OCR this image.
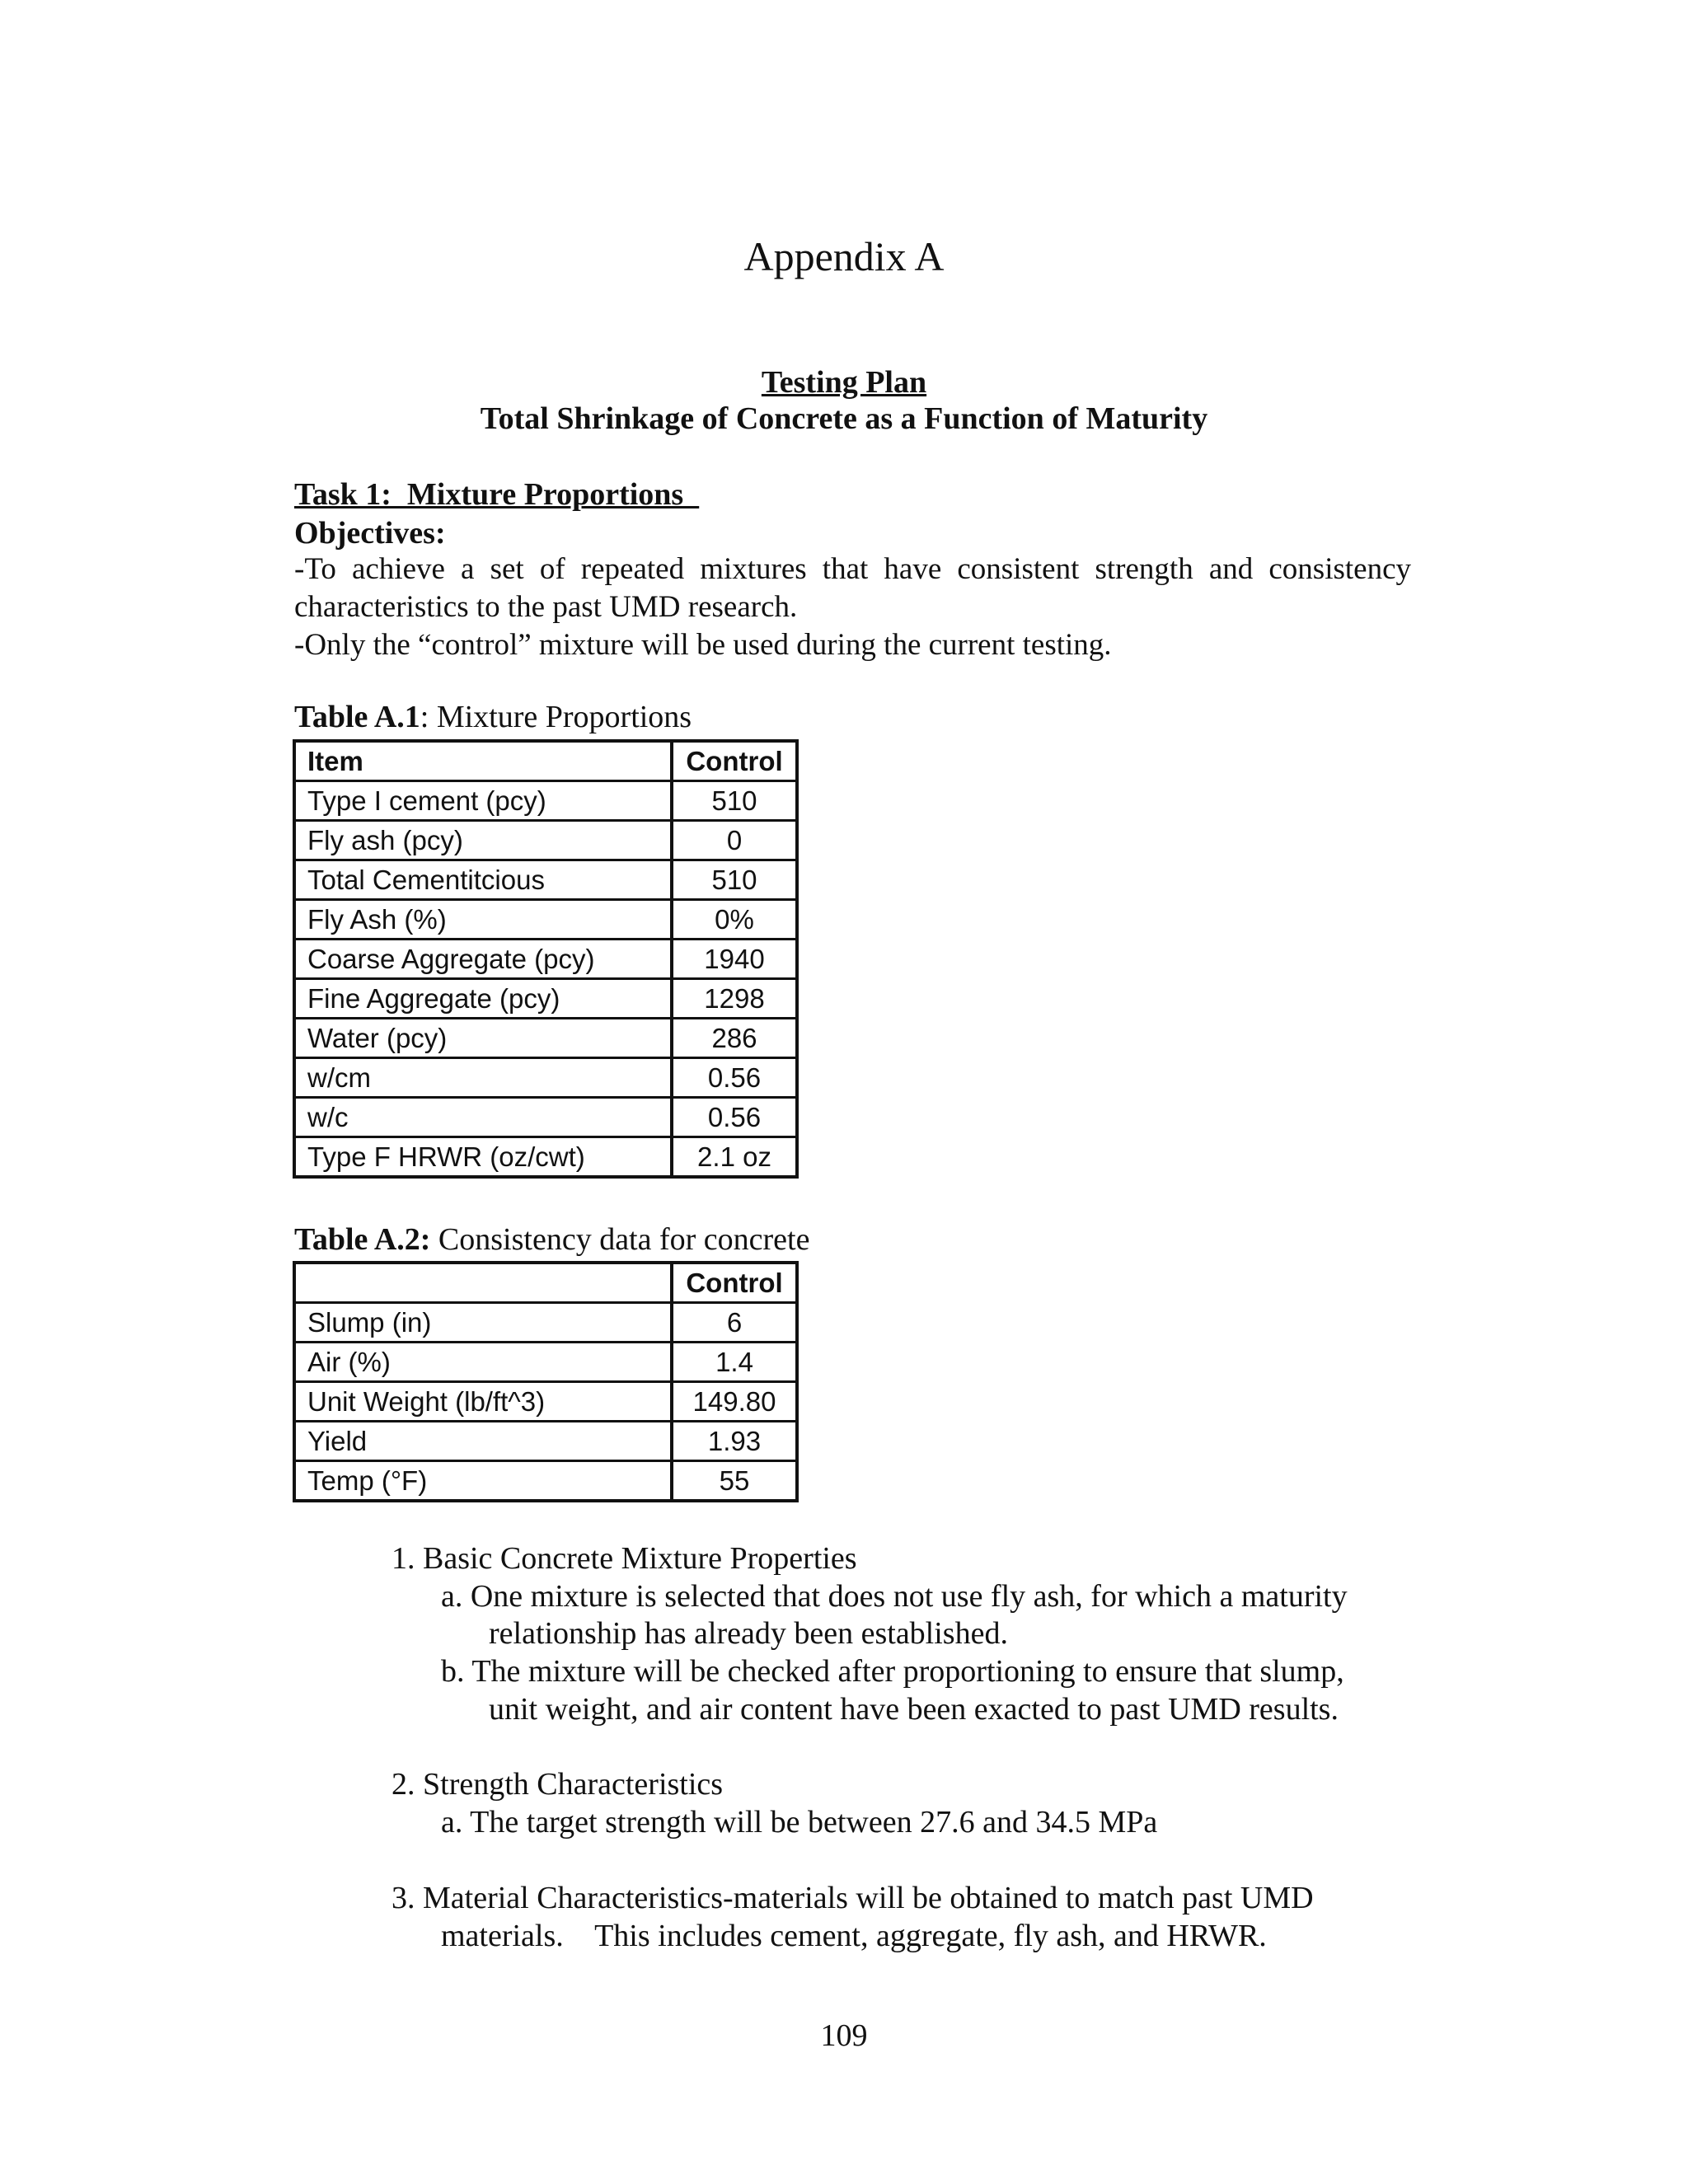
Appendix A
Testing Plan
Total Shrinkage of Concrete as a Function of Maturity
Task 1:  Mixture Proportions
Objectives:
-To achieve a set of repeated mixtures that have consistent strength and consistency
characteristics to the past UMD research.
-Only the “control” mixture will be used during the current testing.
Table A.1: Mixture Proportions
Item	Control
Type I cement (pcy)	510
Fly ash (pcy)	0
Total Cementitcious	510
Fly Ash (%)	0%
Coarse Aggregate (pcy)	1940
Fine Aggregate (pcy)	1298
Water (pcy)	286
w/cm	0.56
w/c	0.56
Type F HRWR (oz/cwt)	2.1 oz
Table A.2: Consistency data for concrete
	Control
Slump (in)	6
Air (%)	1.4
Unit Weight (lb/ft^3)	149.80
Yield	1.93
Temp (°F)	55
1. Basic Concrete Mixture Properties
a. One mixture is selected that does not use fly ash, for which a maturity
relationship has already been established.
b. The mixture will be checked after proportioning to ensure that slump,
unit weight, and air content have been exacted to past UMD results.
2. Strength Characteristics
a. The target strength will be between 27.6 and 34.5 MPa
3. Material Characteristics-materials will be obtained to match past UMD
materials.    This includes cement, aggregate, fly ash, and HRWR.
109
